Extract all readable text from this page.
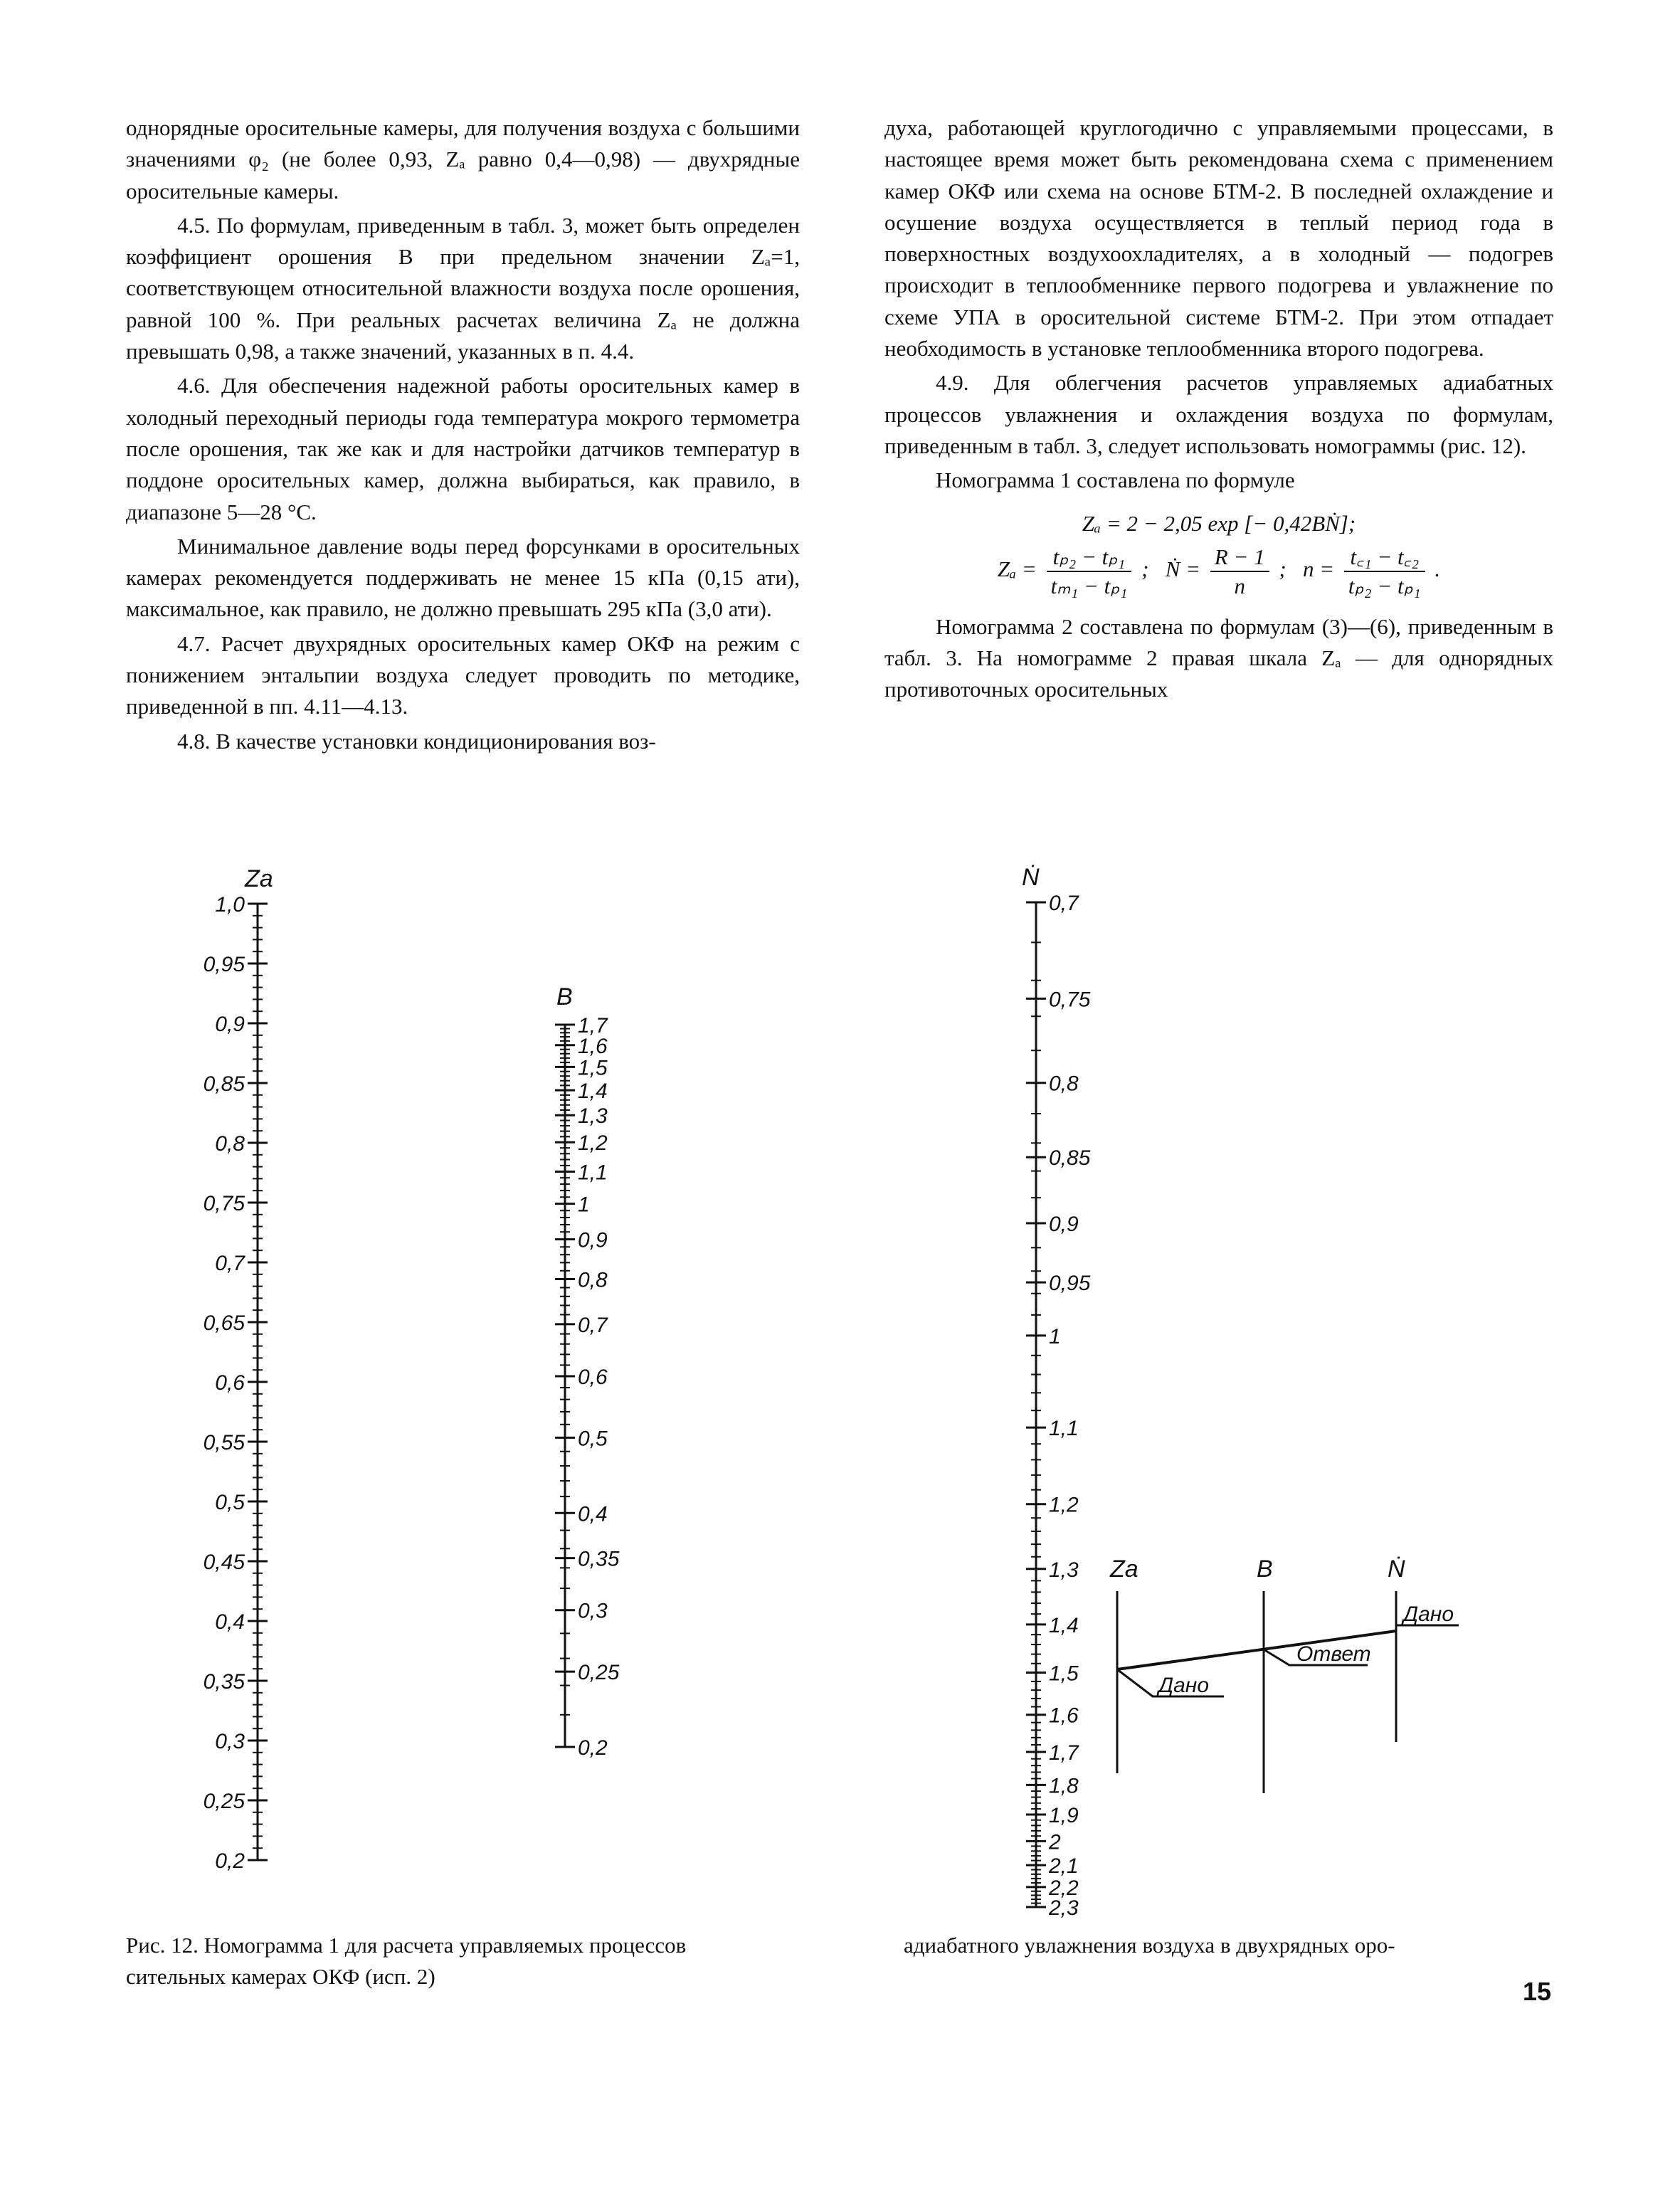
однорядные оросительные камеры, для получения воздуха с большими значениями φ₂ (не более 0,93, Zₐ равно 0,4—0,98) — двухрядные оросительные камеры.

4.5. По формулам, приведенным в табл. 3, может быть определен коэффициент орошения B при предельном значении Zₐ=1, соответствующем относительной влажности воздуха после орошения, равной 100 %. При реальных расчетах величина Zₐ не должна превышать 0,98, а также значений, указанных в п. 4.4.

4.6. Для обеспечения надежной работы оросительных камер в холодный переходный периоды года температура мокрого термометра после орошения, так же как и для настройки датчиков температур в поддоне оросительных камер, должна выбираться, как правило, в диапазоне 5—28 °C.

Минимальное давление воды перед форсунками в оросительных камерах рекомендуется поддерживать не менее 15 кПа (0,15 ати), максимальное, как правило, не должно превышать 295 кПа (3,0 ати).

4.7. Расчет двухрядных оросительных камер ОКФ на режим с понижением энтальпии воздуха следует проводить по методике, приведенной в пп. 4.11—4.13.

4.8. В качестве установки кондиционирования воз-

духа, работающей круглогодично с управляемыми процессами, в настоящее время может быть рекомендована схема с применением камер ОКФ или схема на основе БТМ-2. В последней охлаждение и осушение воздуха осуществляется в теплый период года в поверхностных воздухоохладителях, а в холодный — подогрев происходит в теплообменнике первого подогрева и увлажнение по схеме УПА в оросительной системе БТМ-2. При этом отпадает необходимость в установке теплообменника второго подогрева.

4.9. Для облегчения расчетов управляемых адиабатных процессов увлажнения и охлаждения воздуха по формулам, приведенным в табл. 3, следует использовать номограммы (рис. 12).

Номограмма 1 составлена по формуле

Zₐ = 2 − 2,05 exp [− 0,42BṄ];
$Z_a = \frac{\text{tₚ₂ − tₚ₁}}{\text{tₘ₁ − tₚ₁}}$ ; Ṅ = $\frac{R - 1}{n}$ ; $n = \frac{\text{t꜀₁ − t꜀₂}}{\text{tₚ₂ − tₚ₁}}$ .

Номограмма 2 составлена по формулам (3)—(6), приведенным в табл. 3. На номограмме 2 правая шкала Zₐ — для однорядных противоточных оросительных

1,0
0,95
0,9
0,85
0,8
0,75
0,7
0,65
0,6
0,55
0,5
0,45
0,4
0,35
0,3
0,25
0,2
1,7
1,6
1,5
1,4
1,3
1,2
1,1
1
0,9
0,8
0,7
0,6
0,5
0,4
0,35
0,3
0,25
0,2
0,7
0,75
0,8
0,85
0,9
0,95
1
1,1
1,2
1,3
1,4
1,5
1,6
1,7
1,8
1,9
2
2,1
2,2
2,3
Za
B
Ṅ
Za	B	Ṅ
Дано
Ответ
Дано
Рис. 12. Номограмма 1 для расчета управляемых процессов
сительных камерах ОКФ (исп. 2)
адиабатного увлажнения воздуха в двухрядных оро-
15
